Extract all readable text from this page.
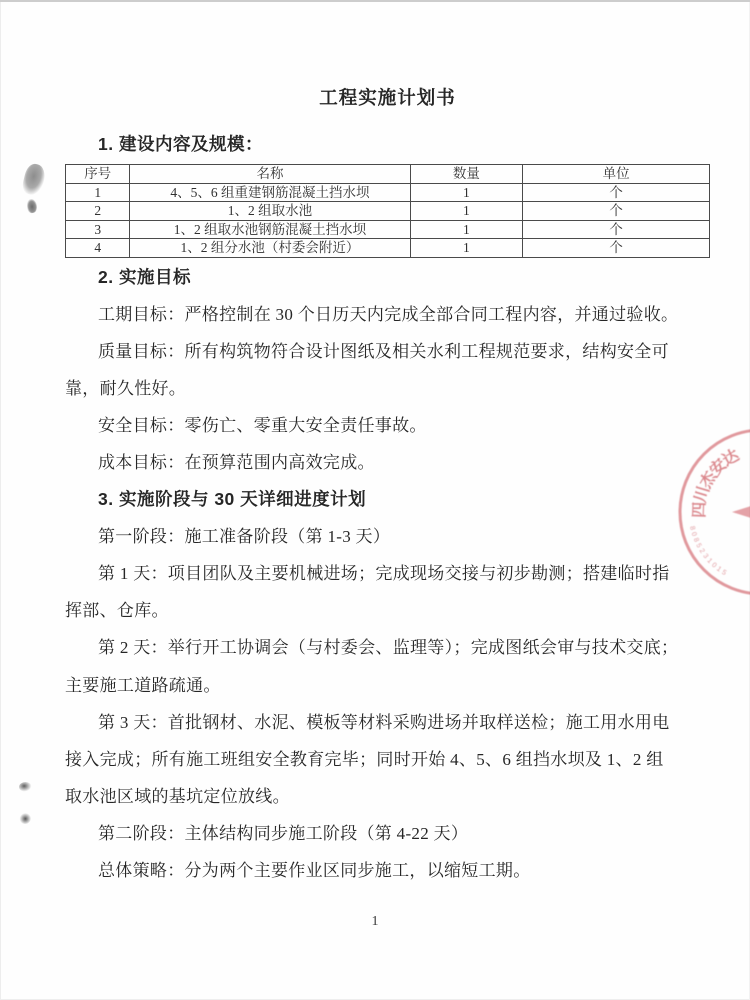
工程实施计划书
1. 建设内容及规模：
序号	名称	数量	单位
1	4、5、6 组重建钢筋混凝土挡水坝	1	个
2	1、2 组取水池	1	个
3	1、2 组取水池钢筋混凝土挡水坝	1	个
4	1、2 组分水池（村委会附近）	1	个
2. 实施目标
工期目标：严格控制在 30 个日历天内完成全部合同工程内容，并通过验收。
质量目标：所有构筑物符合设计图纸及相关水利工程规范要求，结构安全可
靠，耐久性好。
安全目标：零伤亡、零重大安全责任事故。
成本目标：在预算范围内高效完成。
3. 实施阶段与 30 天详细进度计划
第一阶段：施工准备阶段（第 1-3 天）
第 1 天：项目团队及主要机械进场；完成现场交接与初步勘测；搭建临时指
挥部、仓库。
第 2 天：举行开工协调会（与村委会、监理等）；完成图纸会审与技术交底；
主要施工道路疏通。
第 3 天：首批钢材、水泥、模板等材料采购进场并取样送检；施工用水用电
接入完成；所有施工班组安全教育完毕；同时开始 4、5、6 组挡水坝及 1、2 组
取水池区域的基坑定位放线。
第二阶段：主体结构同步施工阶段（第 4-22 天）
总体策略：分为两个主要作业区同步施工，以缩短工期。
四
川
杰
安
达
5
1
0
1
3
2
5
8
0
8
1
